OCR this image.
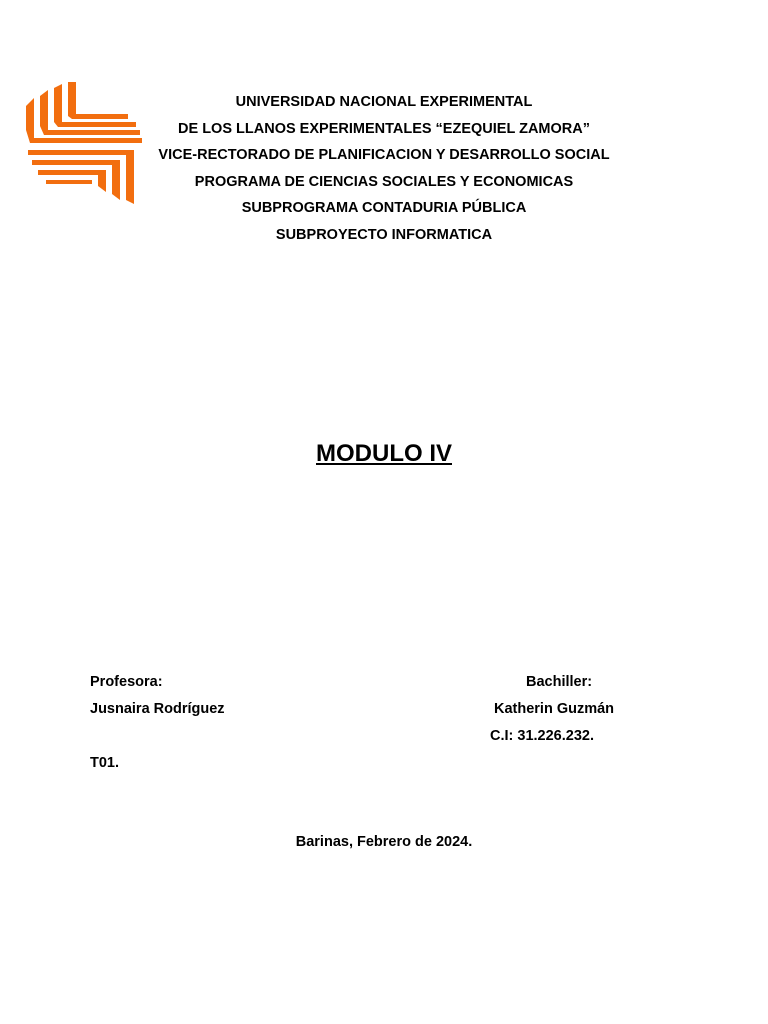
UNIVERSIDAD NACIONAL EXPERIMENTAL
DE LOS LLANOS EXPERIMENTALES “EZEQUIEL ZAMORA”
VICE-RECTORADO DE PLANIFICACION Y DESARROLLO SOCIAL
PROGRAMA DE CIENCIAS SOCIALES Y ECONOMICAS
SUBPROGRAMA CONTADURIA PÚBLICA
SUBPROYECTO INFORMATICA
MODULO IV
Profesora:
Jusnaira Rodríguez
T01.
Bachiller:
Katherin Guzmán
C.I: 31.226.232.
Barinas, Febrero de 2024.
